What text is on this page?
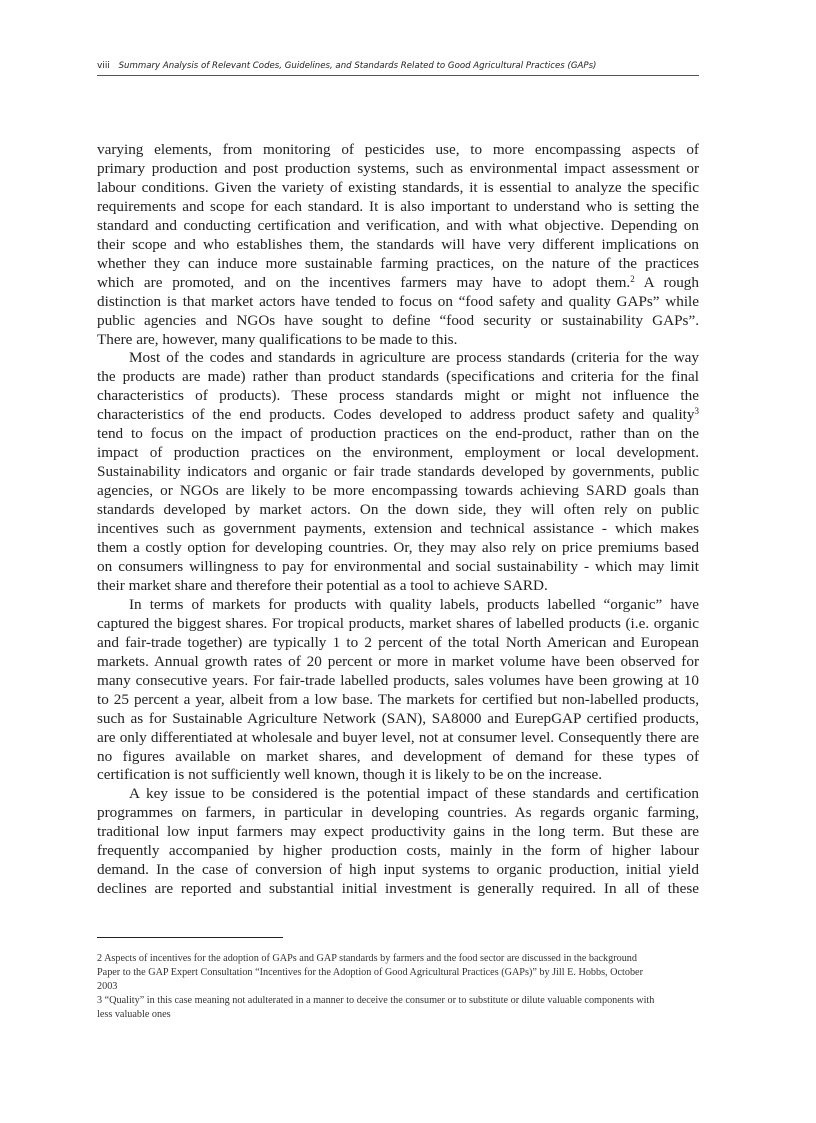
viii Summary Analysis of Relevant Codes, Guidelines, and Standards Related to Good Agricultural Practices (GAPs)
varying elements, from monitoring of pesticides use, to more encompassing aspects of
primary production and post production systems, such as environmental impact assessment or
labour conditions. Given the variety of existing standards, it is essential to analyze the specific
requirements and scope for each standard. It is also important to understand who is setting the
standard and conducting certification and verification, and with what objective. Depending on
their scope and who establishes them, the standards will have very different implications on
whether they can induce more sustainable farming practices, on the nature of the practices
which are promoted, and on the incentives farmers may have to adopt them.$^2$ A rough
distinction is that market actors have tended to focus on “food safety and quality GAPs” while
public agencies and NGOs have sought to define “food security or sustainability GAPs”.
There are, however, many qualifications to be made to this.
Most of the codes and standards in agriculture are process standards (criteria for the way
the products are made) rather than product standards (specifications and criteria for the final
characteristics of products). These process standards might or might not influence the
characteristics of the end products. Codes developed to address product safety and quality$^3$
tend to focus on the impact of production practices on the end-product, rather than on the
impact of production practices on the environment, employment or local development.
Sustainability indicators and organic or fair trade standards developed by governments, public
agencies, or NGOs are likely to be more encompassing towards achieving SARD goals than
standards developed by market actors. On the down side, they will often rely on public
incentives such as government payments, extension and technical assistance - which makes
them a costly option for developing countries. Or, they may also rely on price premiums based
on consumers willingness to pay for environmental and social sustainability - which may limit
their market share and therefore their potential as a tool to achieve SARD.
In terms of markets for products with quality labels, products labelled “organic” have
captured the biggest shares. For tropical products, market shares of labelled products (i.e. organic
and fair-trade together) are typically 1 to 2 percent of the total North American and European
markets. Annual growth rates of 20 percent or more in market volume have been observed for
many consecutive years. For fair-trade labelled products, sales volumes have been growing at 10
to 25 percent a year, albeit from a low base. The markets for certified but non-labelled products,
such as for Sustainable Agriculture Network (SAN), SA8000 and EurepGAP certified products,
are only differentiated at wholesale and buyer level, not at consumer level. Consequently there are
no figures available on market shares, and development of demand for these types of
certification is not sufficiently well known, though it is likely to be on the increase.
A key issue to be considered is the potential impact of these standards and certification
programmes on farmers, in particular in developing countries. As regards organic farming,
traditional low input farmers may expect productivity gains in the long term. But these are
frequently accompanied by higher production costs, mainly in the form of higher labour
demand. In the case of conversion of high input systems to organic production, initial yield
declines are reported and substantial initial investment is generally required. In all of these
2 Aspects of incentives for the adoption of GAPs and GAP standards by farmers and the food sector are discussed in the background
Paper to the GAP Expert Consultation “Incentives for the Adoption of Good Agricultural Practices (GAPs)” by Jill E. Hobbs, October
2003
3 “Quality” in this case meaning not adulterated in a manner to deceive the consumer or to substitute or dilute valuable components with
less valuable ones
